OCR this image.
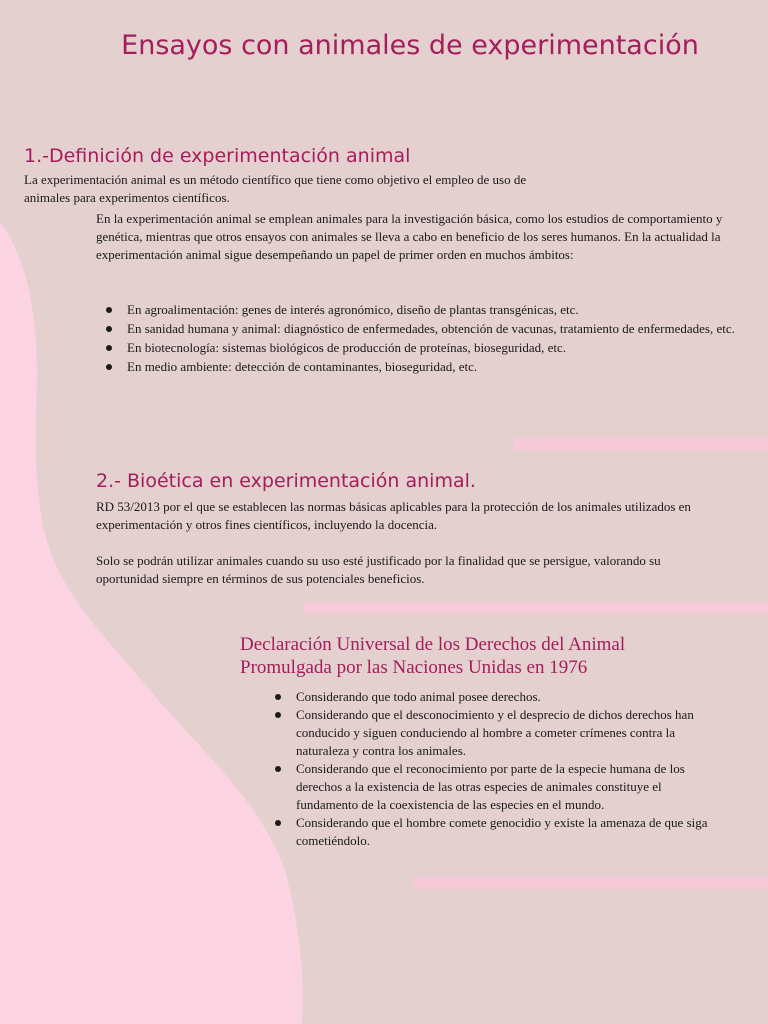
Ensayos con animales de experimentación
1.-Definición de experimentación animal

La experimentación animal es un método científico que tiene como objetivo el empleo de uso de
animales para experimentos científicos.

En la experimentación animal se emplean animales para la investigación básica, como los estudios de comportamiento y genética, mientras que otros ensayos con animales se lleva a cabo en beneficio de los seres humanos. En la actualidad la experimentación animal sigue desempeñando un papel de primer orden en muchos ámbitos:

En agroalimentación: genes de interés agronómico, diseño de plantas transgénicas, etc.
En sanidad humana y animal: diagnóstico de enfermedades, obtención de vacunas, tratamiento de enfermedades, etc.
En biotecnología: sistemas biológicos de producción de proteínas, bioseguridad, etc.
En medio ambiente: detección de contaminantes, bioseguridad, etc.
2.- Bioética en experimentación animal.

RD 53/2013 por el que se establecen las normas básicas aplicables para la protección de los animales utilizados en experimentación y otros fines científicos, incluyendo la docencia.

Solo se podrán utilizar animales cuando su uso esté justificado por la finalidad que se persigue, valorando su oportunidad siempre en términos de sus potenciales beneficios.

Declaración Universal de los Derechos del Animal
Promulgada por las Naciones Unidas en 1976
Considerando que todo animal posee derechos.
Considerando que el desconocimiento y el desprecio de dichos derechos han conducido y siguen conduciendo al hombre a cometer crímenes contra la naturaleza y contra los animales.
Considerando que el reconocimiento por parte de la especie humana de los derechos a la existencia de las otras especies de animales constituye el fundamento de la coexistencia de las especies en el mundo.
Considerando que el hombre comete genocidio y existe la amenaza de que siga cometiéndolo.
